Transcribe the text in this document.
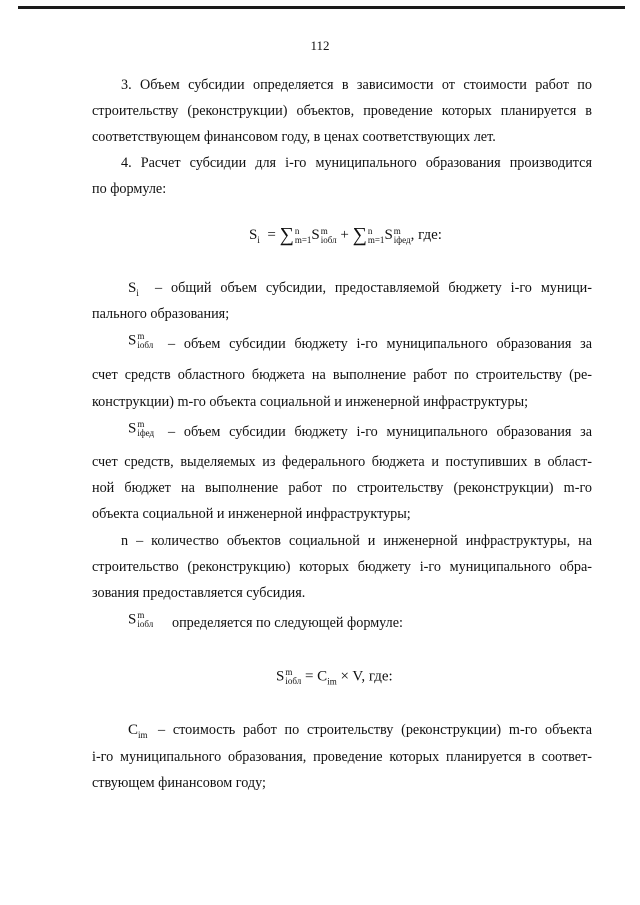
112
3. Объем субсидии определяется в зависимости от стоимости работ по
строительству (реконструкции) объектов, проведение которых планируется в
соответствующем финансовом году, в ценах соответствующих лет.
4. Расчет субсидии для i-го муниципального образования производится
по формуле:
$S_i$ = ∑ n
m=1 S m
iобл + ∑ n
m=1 S m
iфед , где:
$S_i$ – общий объем субсидии, предоставляемой бюджету i-го муници-
пального образования;
S m
iобл – объем субсидии бюджету i-го муниципального образования за
счет средств областного бюджета на выполнение работ по строительству (ре-
конструкции) m-го объекта социальной и инженерной инфраструктуры;
S m
iфед – объем субсидии бюджету i-го муниципального образования за
счет средств, выделяемых из федерального бюджета и поступивших в област-
ной бюджет на выполнение работ по строительству (реконструкции) m-го
объекта социальной и инженерной инфраструктуры;
n – количество объектов социальной и инженерной инфраструктуры, на
строительство (реконструкцию) которых бюджету i-го муниципального обра-
зования предоставляется субсидия.
S m
iобл определяется по следующей формуле:
S m
iобл = $C_{im} \times V$, где:
$C_{im}$ – стоимость работ по строительству (реконструкции) m-го объекта
i-го муниципального образования, проведение которых планируется в соответ-
ствующем финансовом году;
